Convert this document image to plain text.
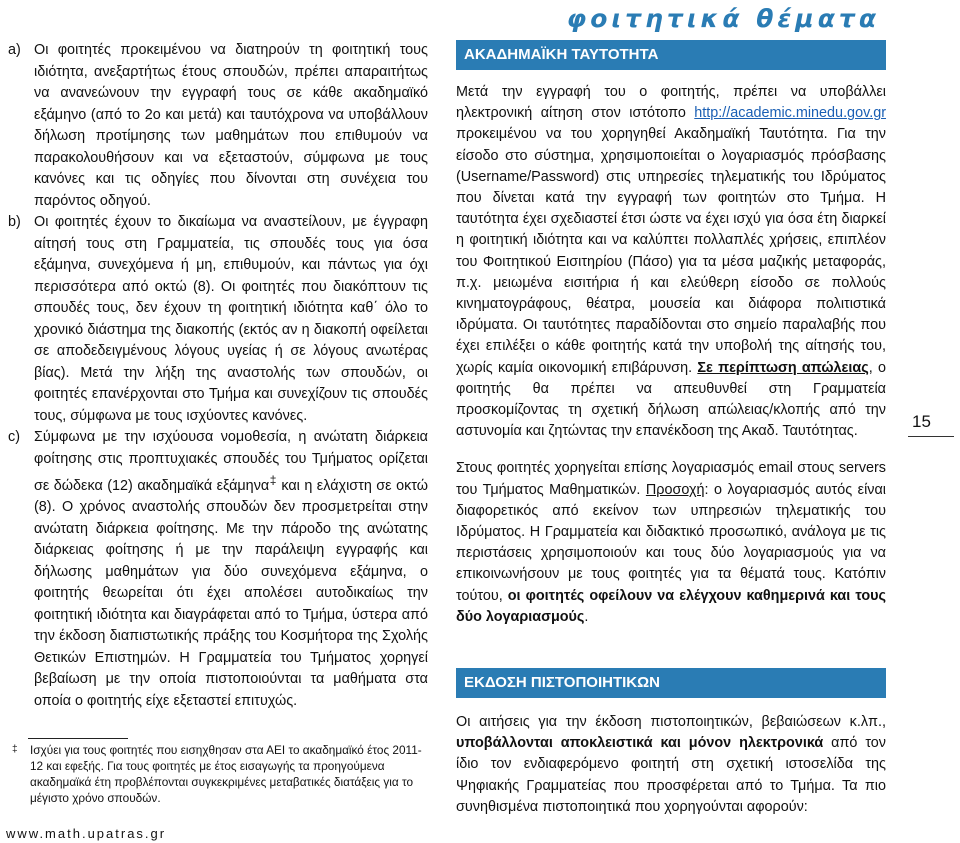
φοιτητικά θέματα
a) Οι φοιτητές προκειμένου να διατηρούν τη φοιτητική τους ιδιότητα, ανεξαρτήτως έτους σπουδών, πρέπει απαραιτήτως να ανανεώνουν την εγγραφή τους σε κάθε ακαδημαϊκό εξάμηνο (από το 2ο και μετά) και ταυτόχρονα να υποβάλλουν δήλωση προτίμησης των μαθημάτων που επιθυμούν να παρακολουθήσουν και να εξεταστούν, σύμφωνα με τους κανόνες και τις οδηγίες που δίνονται στη συνέχεια του παρόντος οδηγού.
b) Οι φοιτητές έχουν το δικαίωμα να αναστείλουν, με έγγραφη αίτησή τους στη Γραμματεία, τις σπουδές τους για όσα εξάμηνα, συνεχόμενα ή μη, επιθυμούν, και πάντως για όχι περισσότερα από οκτώ (8). Οι φοιτητές που διακόπτουν τις σπουδές τους, δεν έχουν τη φοιτητική ιδιότητα καθ΄ όλο το χρονικό διάστημα της διακοπής (εκτός αν η διακοπή οφείλεται σε αποδεδειγμένους λόγους υγείας ή σε λόγους ανωτέρας βίας). Μετά την λήξη της αναστολής των σπουδών, οι φοιτητές επανέρχονται στο Τμήμα και συνεχίζουν τις σπουδές τους, σύμφωνα με τους ισχύοντες κανόνες.
c) Σύμφωνα με την ισχύουσα νομοθεσία, η ανώτατη διάρκεια φοίτησης στις προπτυχιακές σπουδές του Τμήματος ορίζεται σε δώδεκα (12) ακαδημαϊκά εξάμηνα‡ και η ελάχιστη σε οκτώ (8). Ο χρόνος αναστολής σπουδών δεν προσμετρείται στην ανώτατη διάρκεια φοίτησης. Με την πάροδο της ανώτατης διάρκειας φοίτησης ή με την παράλειψη εγγραφής και δήλωσης μαθημάτων για δύο συνεχόμενα εξάμηνα, ο φοιτητής θεωρείται ότι έχει απολέσει αυτοδικαίως την φοιτητική ιδιότητα και διαγράφεται από το Τμήμα, ύστερα από την έκδοση διαπιστωτικής πράξης του Κοσμήτορα της Σχολής Θετικών Επιστημών. Η Γραμματεία του Τμήματος χορηγεί βεβαίωση με την οποία πιστοποιούνται τα μαθήματα στα οποία ο φοιτητής είχε εξεταστεί επιτυχώς.
‡	Ισχύει για τους φοιτητές που εισηχθησαν στα ΑΕΙ το ακαδημαϊκό έτος 2011-12 και εφεξής. Για τους φοιτητές με έτος εισαγωγής τα προηγούμενα ακαδημαϊκά έτη προβλέπονται συγκεκριμένες μεταβατικές διατάξεις για το μέγιστο χρόνο σπουδών.
www.math.upatras.gr
ΑΚΑΔΗΜΑΪΚΗ ΤΑΥΤΟΤΗΤΑ
Μετά την εγγραφή του ο φοιτητής, πρέπει να υποβάλλει ηλεκτρονική αίτηση στον ιστότοπο http://academic.minedu.gov.gr προκειμένου να του χορηγηθεί Ακαδημαϊκή Ταυτότητα. Για την είσοδο στο σύστημα, χρησιμοποιείται ο λογαριασμός πρόσβασης (Username/Password) στις υπηρεσίες τηλεματικής του Ιδρύματος που δίνεται κατά την εγγραφή των φοιτητών στο Τμήμα. Η ταυτότητα έχει σχεδιαστεί έτσι ώστε να έχει ισχύ για όσα έτη διαρκεί η φοιτητική ιδιότητα και να καλύπτει πολλαπλές χρήσεις, επιπλέον του Φοιτητικού Εισιτηρίου (Πάσο) για τα μέσα μαζικής μεταφοράς, π.χ. μειωμένα εισιτήρια ή και ελεύθερη είσοδο σε πολλούς κινηματογράφους, θέατρα, μουσεία και διάφορα πολιτιστικά ιδρύματα. Οι ταυτότητες παραδίδονται στο σημείο παραλαβής που έχει επιλέξει ο κάθε φοιτητής κατά την υποβολή της αίτησής του, χωρίς καμία οικονομική επιβάρυνση. Σε περίπτωση απώλειας, ο φοιτητής θα πρέπει να απευθυνθεί στη Γραμματεία προσκομίζοντας τη σχετική δήλωση απώλειας/κλοπής από την αστυνομία και ζητώντας την επανέκδοση της Ακαδ. Ταυτότητας.
Στους φοιτητές χορηγείται επίσης λογαριασμός email στους servers του Τμήματος Μαθηματικών. Προσοχή: ο λογαριασμός αυτός είναι διαφορετικός από εκείνον των υπηρεσιών τηλεματικής του Ιδρύματος. Η Γραμματεία και διδακτικό προσωπικό, ανάλογα με τις περιστάσεις χρησιμοποιούν και τους δύο λογαριασμούς για να επικοινωνήσουν με τους φοιτητές για τα θέματά τους. Κατόπιν τούτου, οι φοιτητές οφείλουν να ελέγχουν καθημερινά και τους δύο λογαριασμούς.
ΕΚΔΟΣΗ ΠΙΣΤΟΠΟΙΗΤΙΚΩΝ
Οι αιτήσεις για την έκδοση πιστοποιητικών, βεβαιώσεων κ.λπ., υποβάλλονται αποκλειστικά και μόνον ηλεκτρονικά από τον ίδιο τον ενδιαφερόμενο φοιτητή στη σχετική ιστοσελίδα της Ψηφιακής Γραμματείας που προσφέρεται από το Τμήμα. Τα πιο συνηθισμένα πιστοποιητικά που χορηγούνται αφορούν:
15
